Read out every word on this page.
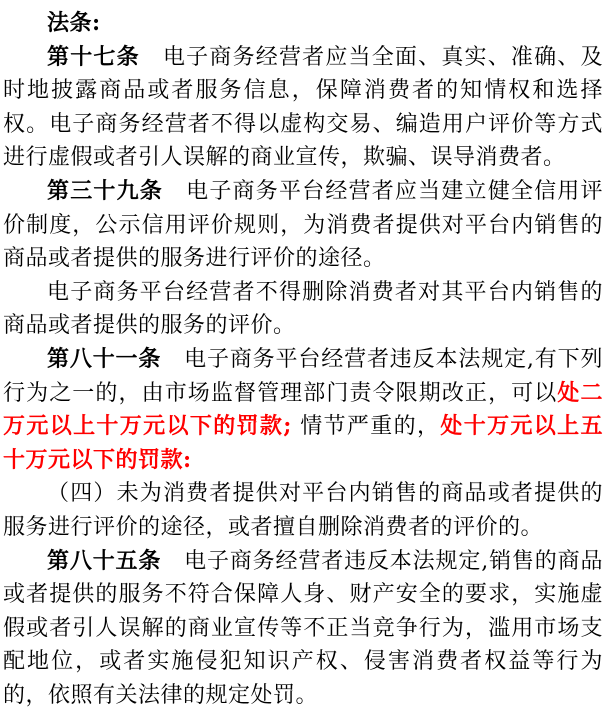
法条:

第十七条　电子商务经营者应当全面、真实、准确、及时地披露商品或者服务信息，保障消费者的知情权和选择权。电子商务经营者不得以虚构交易、编造用户评价等方式进行虚假或者引人误解的商业宣传，欺骗、误导消费者。

第三十九条　电子商务平台经营者应当建立健全信用评价制度，公示信用评价规则，为消费者提供对平台内销售的商品或者提供的服务进行评价的途径。

电子商务平台经营者不得删除消费者对其平台内销售的商品或者提供的服务的评价。

第八十一条　电子商务平台经营者违反本法规定,有下列行为之一的，由市场监督管理部门责令限期改正，可以处二万元以上十万元以下的罚款; 情节严重的，处十万元以上五十万元以下的罚款:

（四）未为消费者提供对平台内销售的商品或者提供的服务进行评价的途径，或者擅自删除消费者的评价的。

第八十五条　电子商务经营者违反本法规定,销售的商品或者提供的服务不符合保障人身、财产安全的要求，实施虚假或者引人误解的商业宣传等不正当竞争行为，滥用市场支配地位，或者实施侵犯知识产权、侵害消费者权益等行为的，依照有关法律的规定处罚。
